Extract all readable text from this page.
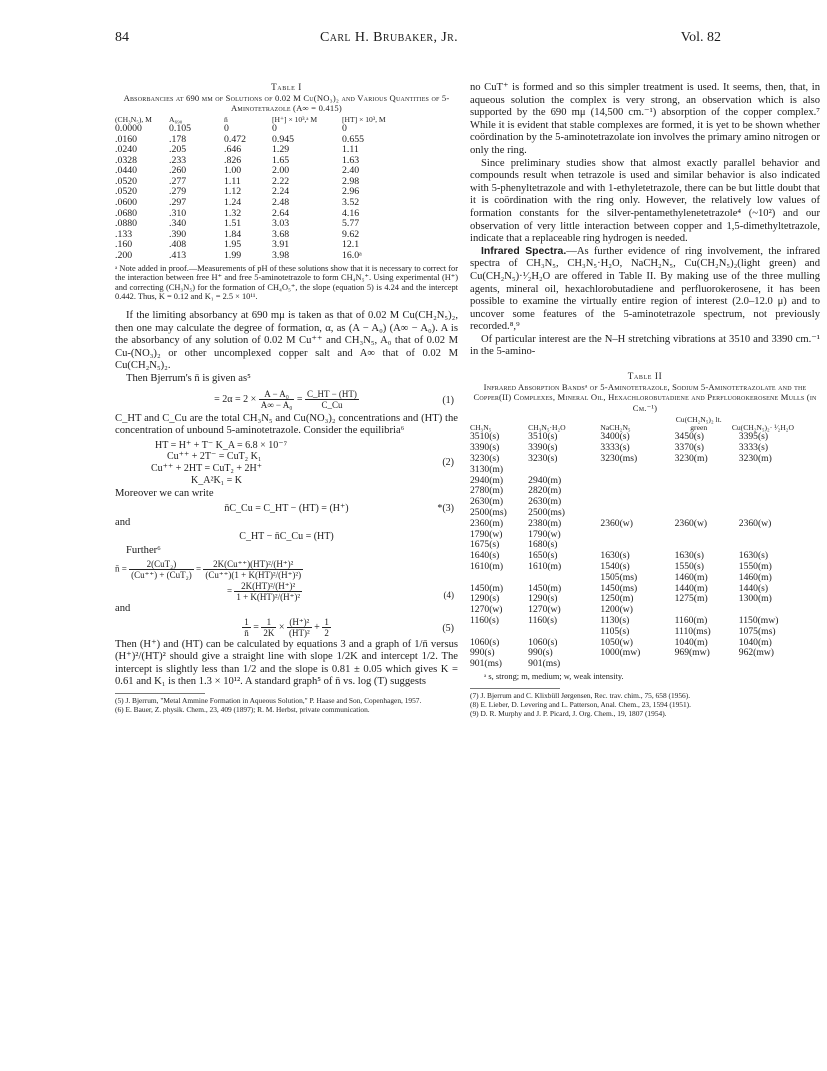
84	Carl H. Brubaker, Jr.	Vol. 82
Table I
Absorbancies at 690 mμ of Solutions of 0.02 M Cu(NO₃)₂ and Various Quantities of 5-Aminotetrazole (A∞ = 0.415)
(CH₃N₅), M	A₆₉₀	n̄	[H⁺] × 10³,ᵃ M	[HT] × 10³, M
0.0000	0.105	0	0	0
.0160	.178	0.472	0.945	0.655
.0240	.205	.646	1.29	1.11
.0328	.233	.826	1.65	1.63
.0440	.260	1.00	2.00	2.40
.0520	.277	1.11	2.22	2.98
.0520	.279	1.12	2.24	2.96
.0600	.297	1.24	2.48	3.52
.0680	.310	1.32	2.64	4.16
.0880	.340	1.51	3.03	5.77
.133	.390	1.84	3.68	9.62
.160	.408	1.95	3.91	12.1
.200	.413	1.99	3.98	16.0ᵃ
ᵃ Note added in proof.—Measurements of pH of these solutions show that it is necessary to correct for the interaction between free H⁺ and free 5-aminotetrazole to form CH₄N₅⁺. Using experimental (H⁺) and correcting (CH₃N₅) for the formation of CH₄O₅⁺, the slope (equation 5) is 4.24 and the intercept 0.442. Thus, K = 0.12 and K₁ = 2.5 × 10¹¹.

If the limiting absorbancy at 690 mμ is taken as that of 0.02 M Cu(CH₂N₅)₂, then one may calculate the degree of formation, α, as (A − A₀) (A∞ − A₀). A is the absorbancy of any solution of 0.02 M Cu⁺⁺ and CH₃N₅, A₀ that of 0.02 M Cu-(NO₃)₂ or other uncomplexed copper salt and A∞ that of 0.02 M Cu(CH₂N₅)₂.

Then Bjerrum's n̄ is given as⁵

= $2\alpha = 2 \times \frac{\text{A − A₀}}{\text{A∞ − A₀}} = \frac{C\_HT - (HT)}{C\_Cu}$	(1)

C_HT and C_Cu are the total CH₃N₅ and Cu(NO₃)₂ concentrations and (HT) the concentration of unbound 5-aminotetrazole. Consider the equilibria⁶

HT = H⁺ + T⁻ K_A = 6.8 × 10⁻⁷
Cu⁺⁺ + 2T⁻ = CuT₂ K₁
Cu⁺⁺ + 2HT = CuT₂ + 2H⁺
K_A²K₁ = K
(2)

Moreover we can write

n̄C_Cu = C_HT − (HT) = (H⁺)	*(3)

and

C_HT − n̄C_Cu = (HT)

Further⁶

n̄ = $\frac{\text{2(CuT₂)}}{\text{(Cu⁺⁺) + (CuT₂)}} = \frac{\text{2K(Cu⁺⁺)(HT)²/(H⁺)²}}{\text{(Cu⁺⁺)(1 + K(HT)²/(H⁺)²)}}$
= $\frac{\text{2K(HT)²/(H⁺)²}}{\text{1 + K(HT)²/(H⁺)²}}$	(4)

and

$\frac{1}{n̄} = \frac{1}{2K} \times \frac{\text{(H⁺)²}}{\text{(HT)²}} + \frac{1}{2}$	(5)

Then (H⁺) and (HT) can be calculated by equations 3 and a graph of 1/n̄ versus (H⁺)²/(HT)² should give a straight line with slope 1/2K and intercept 1/2. The intercept is slightly less than 1/2 and the slope is 0.81 ± 0.05 which gives K = 0.61 and K₁ is then 1.3 × 10¹². A standard graph⁵ of n̄ vs. log (T) suggests

(5) J. Bjerrum, "Metal Ammine Formation in Aqueous Solution," P. Haase and Son, Copenhagen, 1957.
(6) E. Bauer, Z. physik. Chem., 23, 409 (1897); R. M. Herbst, private communication.

no CuT⁺ is formed and so this simpler treatment is used. It seems, then, that, in aqueous solution the complex is very strong, an observation which is also supported by the 690 mμ (14,500 cm.⁻¹) absorption of the copper complex.⁷ While it is evident that stable complexes are formed, it is yet to be shown whether coördination by the 5-aminotetrazolate ion involves the primary amino nitrogen or only the ring.

Since preliminary studies show that almost exactly parallel behavior and compounds result when tetrazole is used and similar behavior is also indicated with 5-phenyltetrazole and with 1-ethyletetrazole, there can be but little doubt that it is coördination with the ring only. However, the relatively low values of formation constants for the silver-pentamethylenetetrazole⁴ (~10²) and our observation of very little interaction between copper and 1,5-dimethyltetrazole, indicate that a replaceable ring hydrogen is needed.

Infrared Spectra.—As further evidence of ring involvement, the infrared spectra of CH₃N₅, CH₃N₅·H₂O, NaCH₂N₅, Cu(CH₂N₅)₂(light green) and Cu(CH₂N₅)·¹⁄₂H₂O are offered in Table II. By making use of the three mulling agents, mineral oil, hexachlorobutadiene and perfluorokerosene, it has been possible to examine the virtually entire region of interest (2.0–12.0 μ) and to uncover some features of the 5-aminotetrazole spectrum, not previously recorded.⁸,⁹

Of particular interest are the N–H stretching vibrations at 3510 and 3390 cm.⁻¹ in the 5-amino-

Table II
Infrared Absorption Bandsᵃ of 5-Aminotetrazole, Sodium 5-Aminotetrazolate and the Copper(II) Complexes, Mineral Oil, Hexachlorobutadiene and Perfluorokerosene Mulls (in Cm.⁻¹)
CH₃N₅	CH₃N₅·H₂O	NaCH₂N₅	Cu(CH₂N₅)₂ lt. green	Cu(CH₂N₅)₂· ¹⁄₂H₂O
3510(s)	3510(s)	3400(s)	3450(s)	3395(s)
3390(s)	3390(s)	3333(s)	3370(s)	3333(s)
3230(s)	3230(s)	3230(ms)	3230(m)	3230(m)
3130(m)				
2940(m)	2940(m)			
2780(m)	2820(m)			
2630(m)	2630(m)			
2500(ms)	2500(ms)			
2360(m)	2380(m)	2360(w)	2360(w)	2360(w)
1790(w)	1790(w)			
1675(s)	1680(s)			
1640(s)	1650(s)	1630(s)	1630(s)	1630(s)
1610(m)	1610(m)	1540(s)	1550(s)	1550(m)
		1505(ms)	1460(m)	1460(m)
1450(m)	1450(m)	1450(ms)	1440(m)	1440(s)
1290(s)	1290(s)	1250(m)	1275(m)	1300(m)
1270(w)	1270(w)	1200(w)		
1160(s)	1160(s)	1130(s)	1160(m)	1150(mw)
		1105(s)	1110(ms)	1075(ms)
1060(s)	1060(s)	1050(w)	1040(m)	1040(m)
990(s)	990(s)	1000(mw)	969(mw)	962(mw)
901(ms)	901(ms)			
ᵃ s, strong; m, medium; w, weak intensity.
(7) J. Bjerrum and C. Klixbüll Jørgensen, Rec. trav. chim., 75, 658 (1956).
(8) E. Lieber, D. Levering and L. Patterson, Anal. Chem., 23, 1594 (1951).
(9) D. R. Murphy and J. P. Picard, J. Org. Chem., 19, 1807 (1954).
